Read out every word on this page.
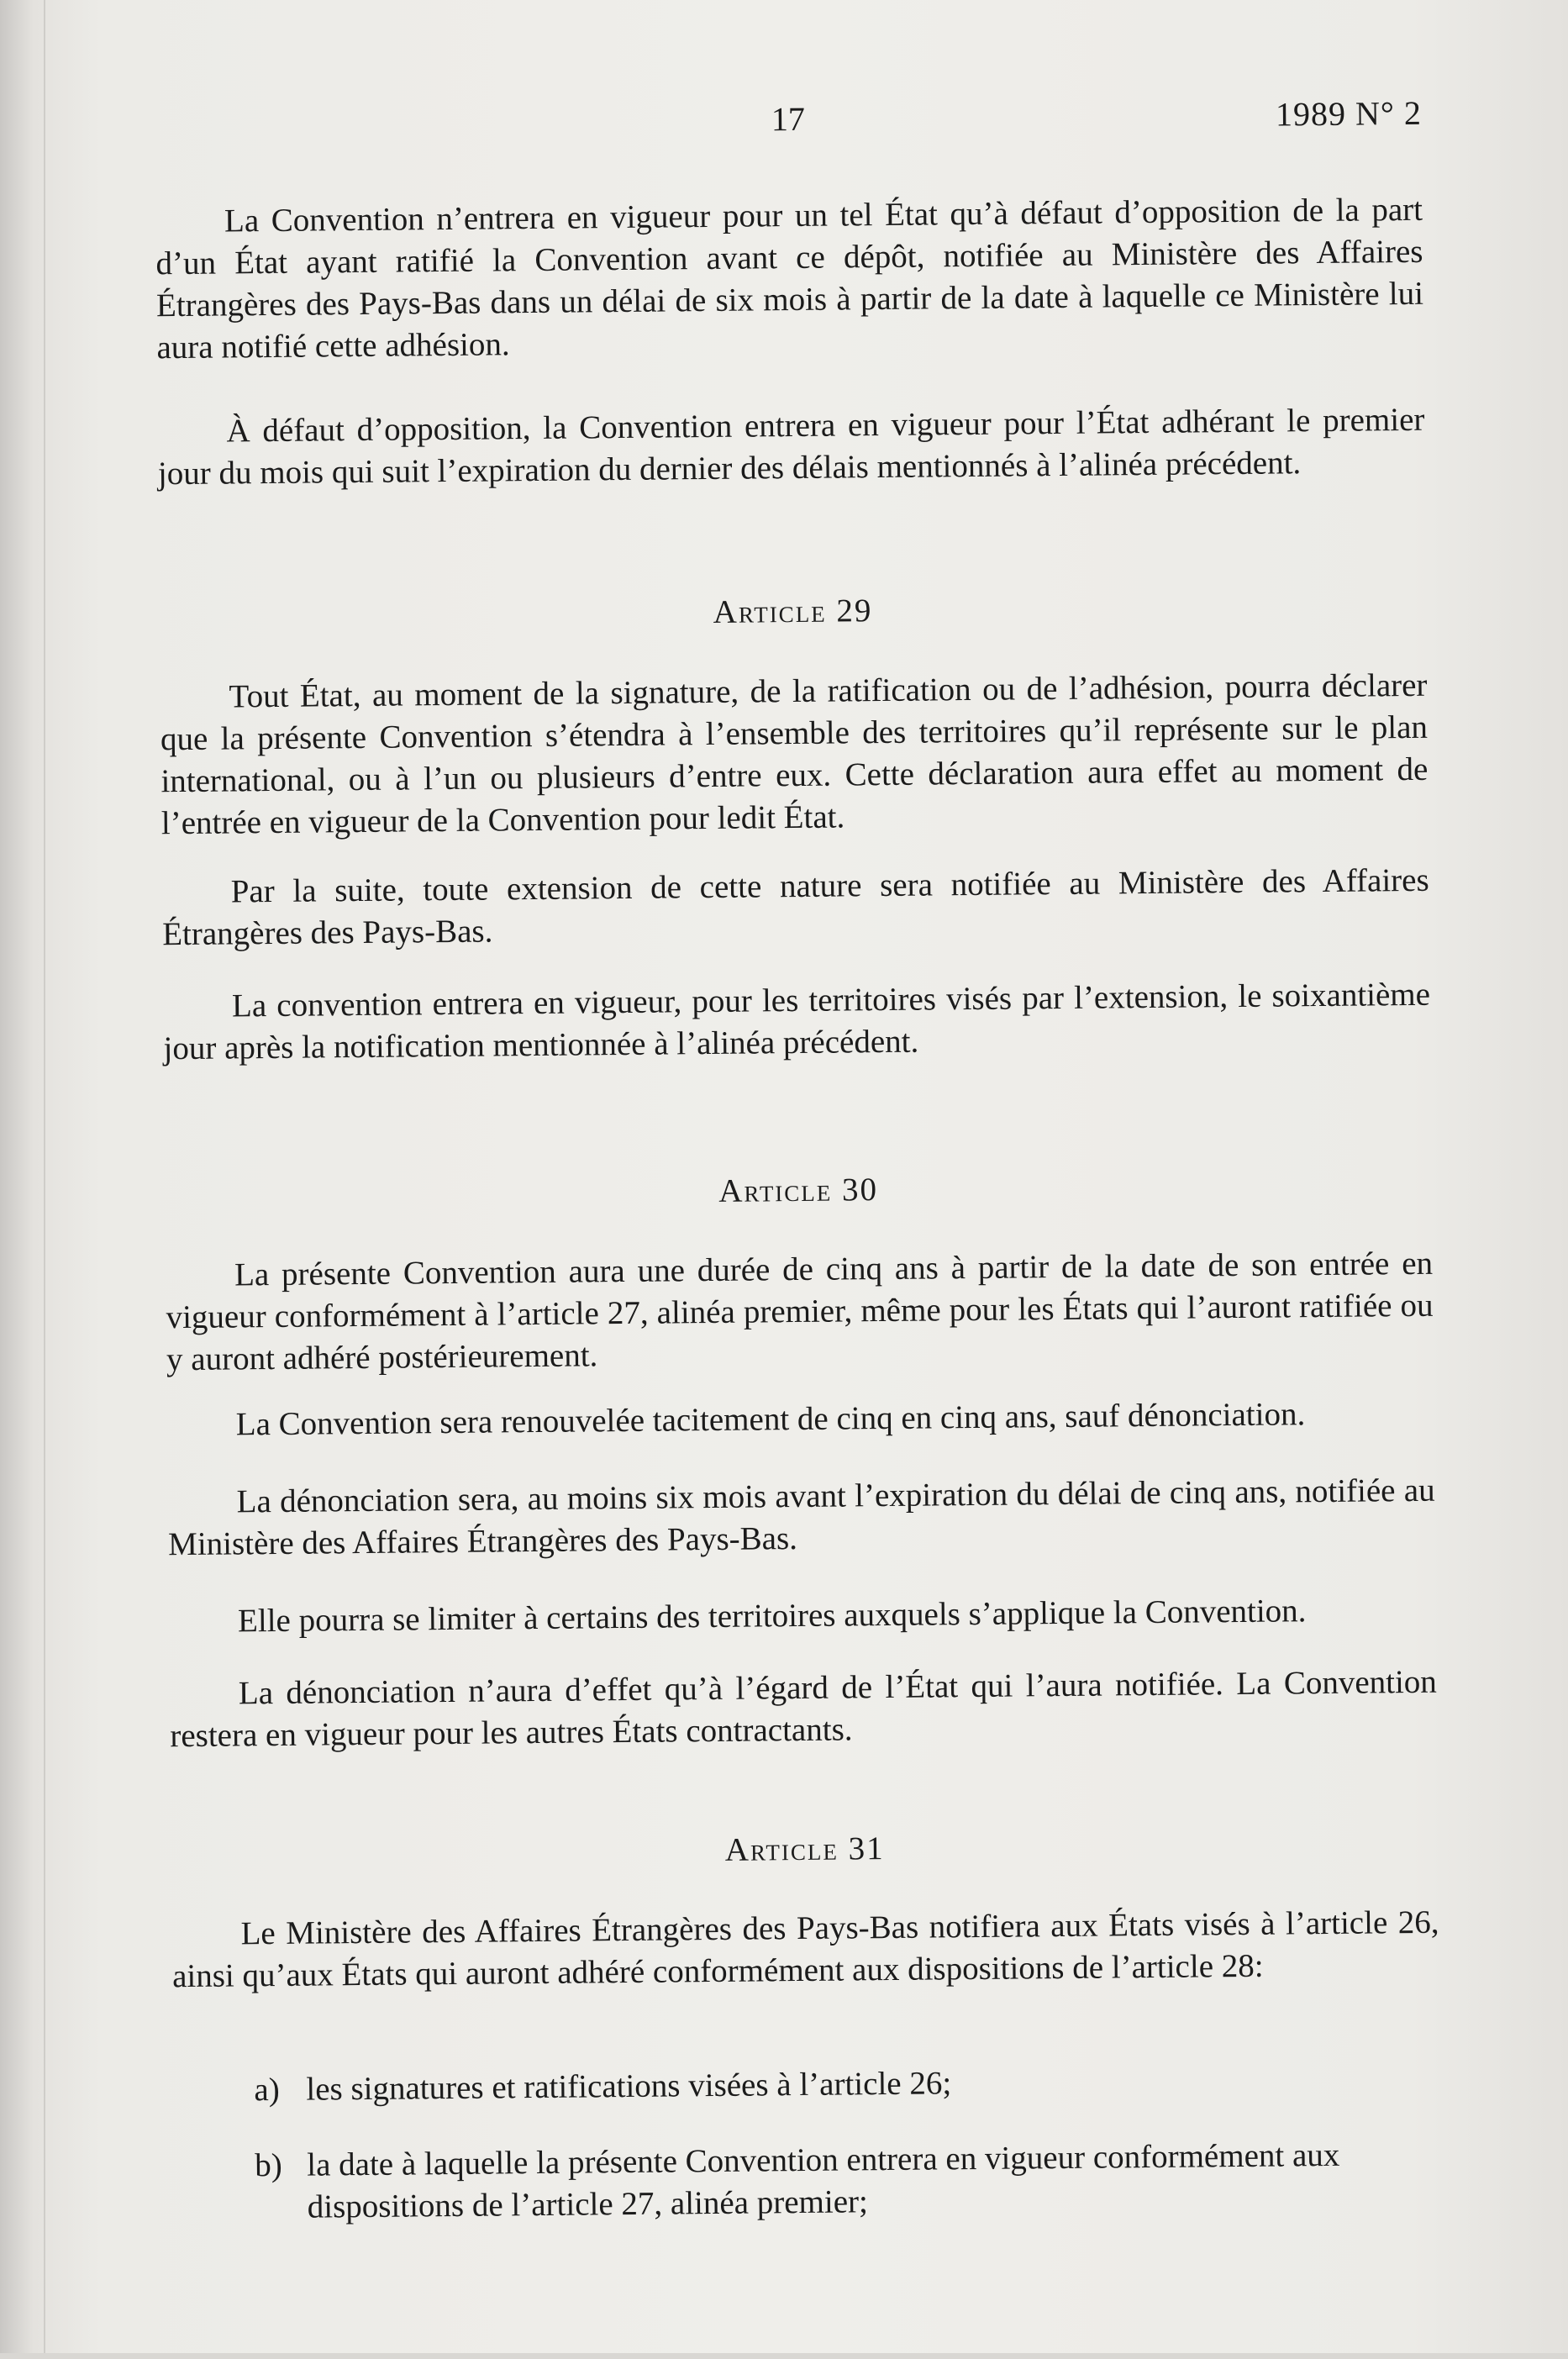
17	1989 N° 2

La Convention n’entrera en vigueur pour un tel État qu’à défaut d’opposition de la part d’un État ayant ratifié la Convention avant ce dépôt, notifiée au Ministère des Affaires Étrangères des Pays-Bas dans un délai de six mois à partir de la date à laquelle ce Ministère lui aura notifié cette adhésion.

À défaut d’opposition, la Convention entrera en vigueur pour l’État adhérant le premier jour du mois qui suit l’expiration du dernier des délais mentionnés à l’alinéa précédent.

Article 29

Tout État, au moment de la signature, de la ratification ou de l’adhésion, pourra déclarer que la présente Convention s’étendra à l’ensemble des territoires qu’il représente sur le plan international, ou à l’un ou plusieurs d’entre eux. Cette déclaration aura effet au moment de l’entrée en vigueur de la Convention pour ledit État.

Par la suite, toute extension de cette nature sera notifiée au Ministère des Affaires Étrangères des Pays-Bas.

La convention entrera en vigueur, pour les territoires visés par l’extension, le soixantième jour après la notification mentionnée à l’alinéa précédent.

Article 30

La présente Convention aura une durée de cinq ans à partir de la date de son entrée en vigueur conformément à l’article 27, alinéa premier, même pour les États qui l’auront ratifiée ou y auront adhéré postérieurement.

La Convention sera renouvelée tacitement de cinq en cinq ans, sauf dénonciation.

La dénonciation sera, au moins six mois avant l’expiration du délai de cinq ans, notifiée au Ministère des Affaires Étrangères des Pays-Bas.

Elle pourra se limiter à certains des territoires auxquels s’applique la Convention.

La dénonciation n’aura d’effet qu’à l’égard de l’État qui l’aura notifiée. La Convention restera en vigueur pour les autres États contractants.

Article 31

Le Ministère des Affaires Étrangères des Pays-Bas notifiera aux États visés à l’article 26, ainsi qu’aux États qui auront adhéré conformément aux dispositions de l’article 28:

a) les signatures et ratifications visées à l’article 26;
b) la date à laquelle la présente Convention entrera en vigueur conformément aux dispositions de l’article 27, alinéa premier;
